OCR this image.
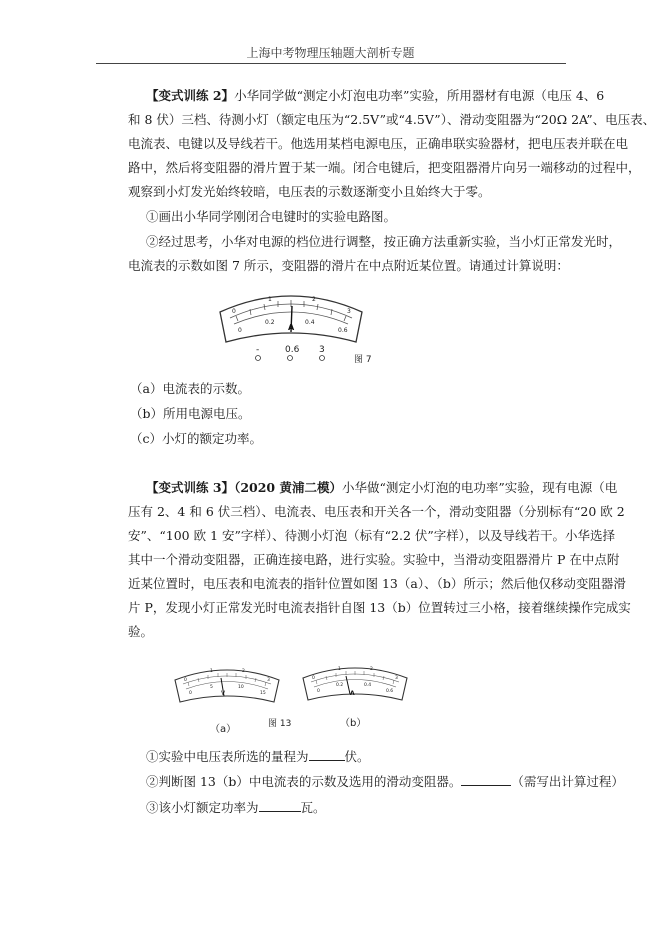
上海中考物理压轴题大剖析专题
【变式训练 2】小华同学做“测定小灯泡电功率”实验，所用器材有电源（电压 4、6
和 8 伏）三档、待测小灯（额定电压为“2.5V”或“4.5V”）、滑动变阻器为“20Ω 2A”、电压表、
电流表、电键以及导线若干。他选用某档电源电压，正确串联实验器材，把电压表并联在电
路中，然后将变阻器的滑片置于某一端。闭合电键后，把变阻器滑片向另一端移动的过程中，
观察到小灯发光始终较暗，电压表的示数逐渐变小且始终大于零。
①画出小华同学刚闭合电键时的实验电路图。
②经过思考，小华对电源的档位进行调整，按正确方法重新实验，当小灯正常发光时，
电流表的示数如图 7 所示，变阻器的滑片在中点附近某位置。请通过计算说明：
0
1	2
3
0
0.2	0.4
0.6
A
-	0.6 3
图 7
（a）电流表的示数。
（b）所用电源电压。
（c）小灯的额定功率。
【变式训练 3】（2020 黄浦二模）小华做“测定小灯泡的电功率”实验，现有电源（电
压有 2、4 和 6 伏三档）、电流表、电压表和开关各一个，滑动变阻器（分别标有“20 欧 2
安”、“100 欧 1 安”字样）、待测小灯泡（标有“2.2 伏”字样），以及导线若干。小华选择
其中一个滑动变阻器，正确连接电路，进行实验。实验中，当滑动变阻器滑片 P 在中点附
近某位置时，电压表和电流表的指针位置如图 13（a）、（b）所示；然后他仅移动变阻器滑
片 P，发现小灯正常发光时电流表指针自图 13（b）位置转过三小格，接着继续操作完成实
验。
0
1	2
3
0
5	10
15
V
0
1	2
3
0
0.2	0.4
0.6
A
（a）	图 13	（b）
①实验中电压表所选的量程为	伏。
②判断图 13（b）中电流表的示数及选用的滑动变阻器。	（需写出计算过程）
③该小灯额定功率为	瓦。
